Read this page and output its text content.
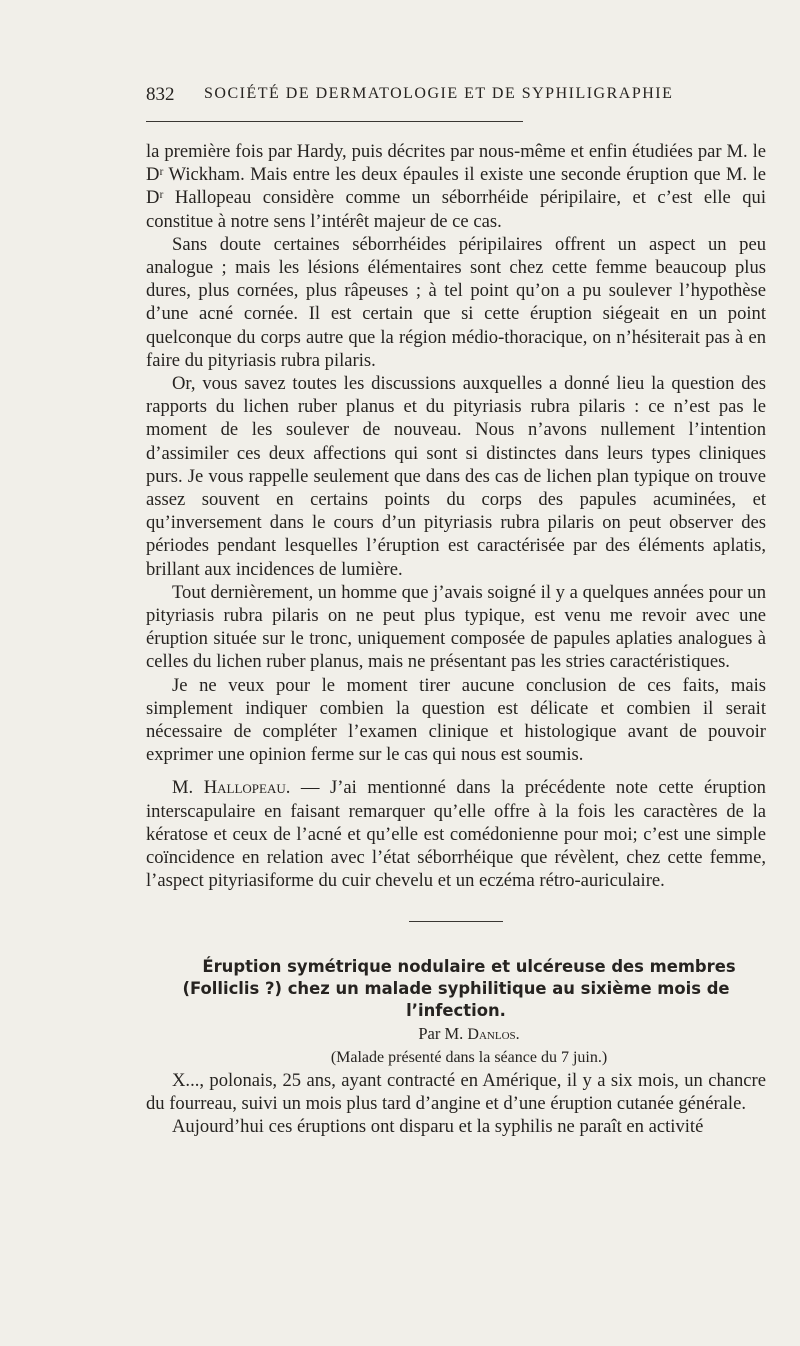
832 SOCIÉTÉ DE DERMATOLOGIE ET DE SYPHILIGRAPHIE

la première fois par Hardy, puis décrites par nous-même et enfin étudiées par M. le Dʳ Wickham. Mais entre les deux épaules il existe une seconde éruption que M. le Dʳ Hallopeau considère comme un séborrhéide péripilaire, et c’est elle qui constitue à notre sens l’intérêt majeur de ce cas.

Sans doute certaines séborrhéides péripilaires offrent un aspect un peu analogue ; mais les lésions élémentaires sont chez cette femme beaucoup plus dures, plus cornées, plus râpeuses ; à tel point qu’on a pu soulever l’hypothèse d’une acné cornée. Il est certain que si cette éruption siégeait en un point quelconque du corps autre que la région médio-thoracique, on n’hésiterait pas à en faire du pityriasis rubra pilaris.

Or, vous savez toutes les discussions auxquelles a donné lieu la question des rapports du lichen ruber planus et du pityriasis rubra pilaris : ce n’est pas le moment de les soulever de nouveau. Nous n’avons nullement l’intention d’assimiler ces deux affections qui sont si distinctes dans leurs types cliniques purs. Je vous rappelle seulement que dans des cas de lichen plan typique on trouve assez souvent en certains points du corps des papules acuminées, et qu’inversement dans le cours d’un pityriasis rubra pilaris on peut observer des périodes pendant lesquelles l’éruption est caractérisée par des éléments aplatis, brillant aux incidences de lumière.

Tout dernièrement, un homme que j’avais soigné il y a quelques années pour un pityriasis rubra pilaris on ne peut plus typique, est venu me revoir avec une éruption située sur le tronc, uniquement composée de papules aplaties analogues à celles du lichen ruber planus, mais ne présentant pas les stries caractéristiques.

Je ne veux pour le moment tirer aucune conclusion de ces faits, mais simplement indiquer combien la question est délicate et combien il serait nécessaire de compléter l’examen clinique et histologique avant de pouvoir exprimer une opinion ferme sur le cas qui nous est soumis.

M. Hallopeau. — J’ai mentionné dans la précédente note cette éruption interscapulaire en faisant remarquer qu’elle offre à la fois les caractères de la kératose et ceux de l’acné et qu’elle est comédonienne pour moi; c’est une simple coïncidence en relation avec l’état séborrhéique que révèlent, chez cette femme, l’aspect pityriasiforme du cuir chevelu et un eczéma rétro-auriculaire.

Éruption symétrique nodulaire et ulcéreuse des membres (Folliclis ?) chez un malade syphilitique au sixième mois de l’infection.

Par M. Danlos.

(Malade présenté dans la séance du 7 juin.)

X..., polonais, 25 ans, ayant contracté en Amérique, il y a six mois, un chancre du fourreau, suivi un mois plus tard d’angine et d’une éruption cutanée générale.

Aujourd’hui ces éruptions ont disparu et la syphilis ne paraît en activité
